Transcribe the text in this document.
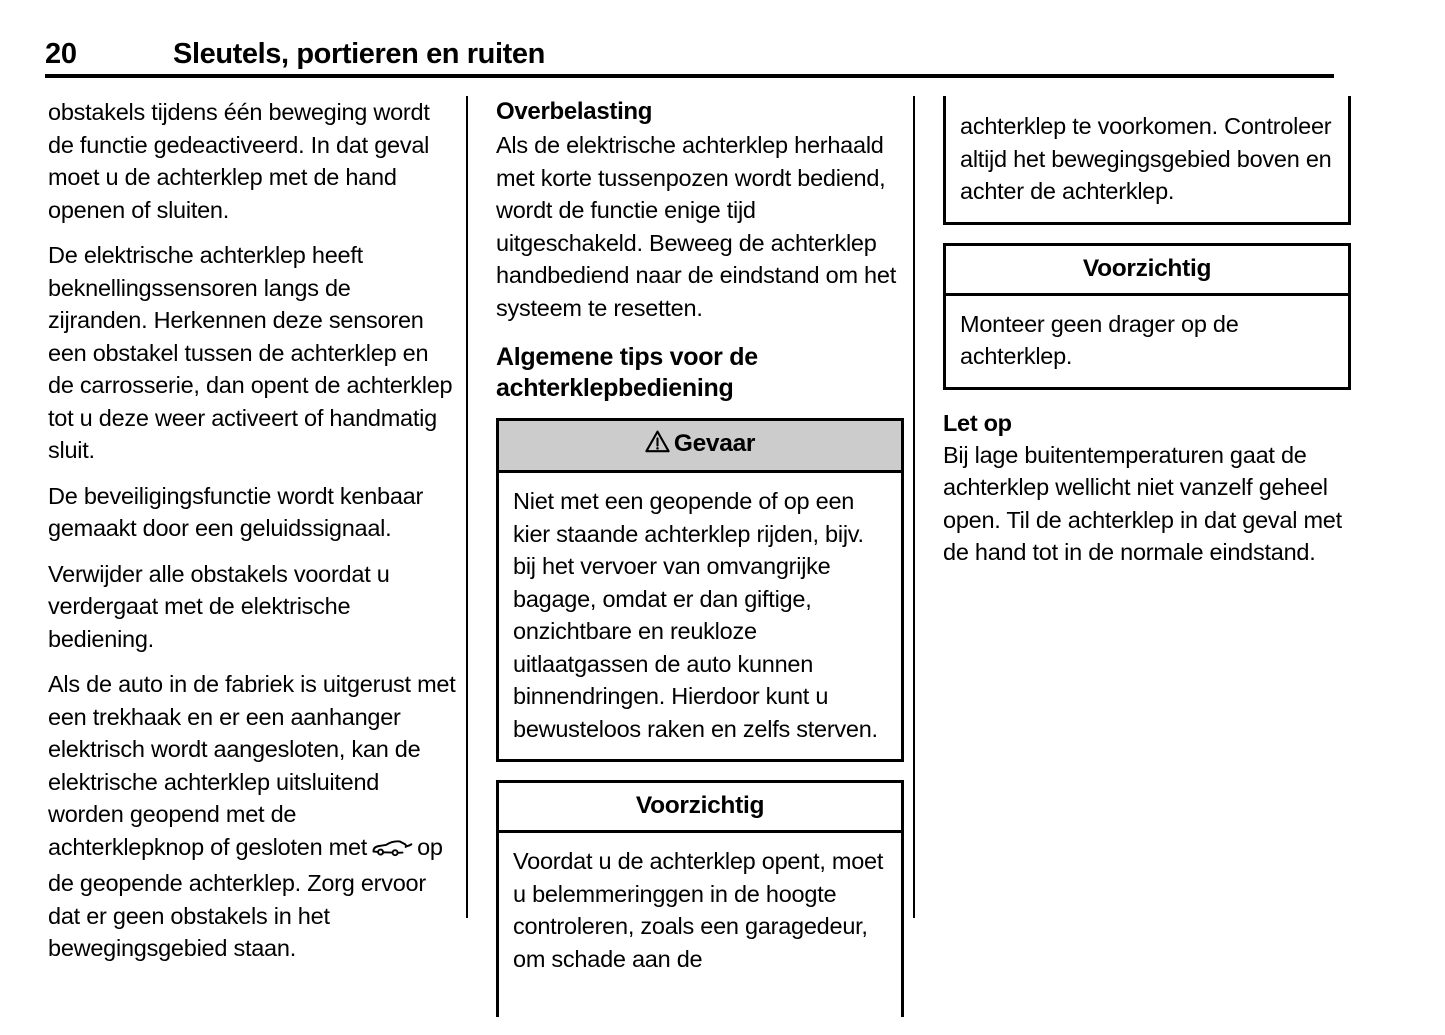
20	Sleutels, portieren en ruiten

obstakels tijdens één beweging wordt de functie gedeactiveerd. In dat geval moet u de achterklep met de hand openen of sluiten.

De elektrische achterklep heeft beknellingssensoren langs de zijranden. Herkennen deze sensoren een obstakel tussen de achterklep en de carrosserie, dan opent de achterklep tot u deze weer activeert of handmatig sluit.

De beveiligingsfunctie wordt kenbaar gemaakt door een geluidssignaal.

Verwijder alle obstakels voordat u verdergaat met de elektrische bediening.

Als de auto in de fabriek is uitgerust met een trekhaak en er een aanhanger elektrisch wordt aangesloten, kan de elektrische achterklep uitsluitend worden geopend met de achterklepknop of gesloten met op de geopende achterklep. Zorg ervoor dat er geen obstakels in het bewegingsgebied staan.

Overbelasting

Als de elektrische achterklep herhaald met korte tussenpozen wordt bediend, wordt de functie enige tijd uitgeschakeld. Beweeg de achterklep handbediend naar de eindstand om het systeem te resetten.

Algemene tips voor de achterklepbediening
Gevaar

Niet met een geopende of op een kier staande achterklep rijden, bijv. bij het vervoer van omvangrijke bagage, omdat er dan giftige, onzichtbare en reukloze uitlaatgassen de auto kunnen binnendringen. Hierdoor kunt u bewusteloos raken en zelfs sterven.

Voorzichtig

Voordat u de achterklep opent, moet u belemmeringgen in de hoogte controleren, zoals een garagedeur, om schade aan de

achterklep te voorkomen. Controleer altijd het bewegingsgebied boven en achter de achterklep.

Voorzichtig

Monteer geen drager op de achterklep.

Let op

Bij lage buitentemperaturen gaat de achterklep wellicht niet vanzelf geheel open. Til de achterklep in dat geval met de hand tot in de normale eindstand.
